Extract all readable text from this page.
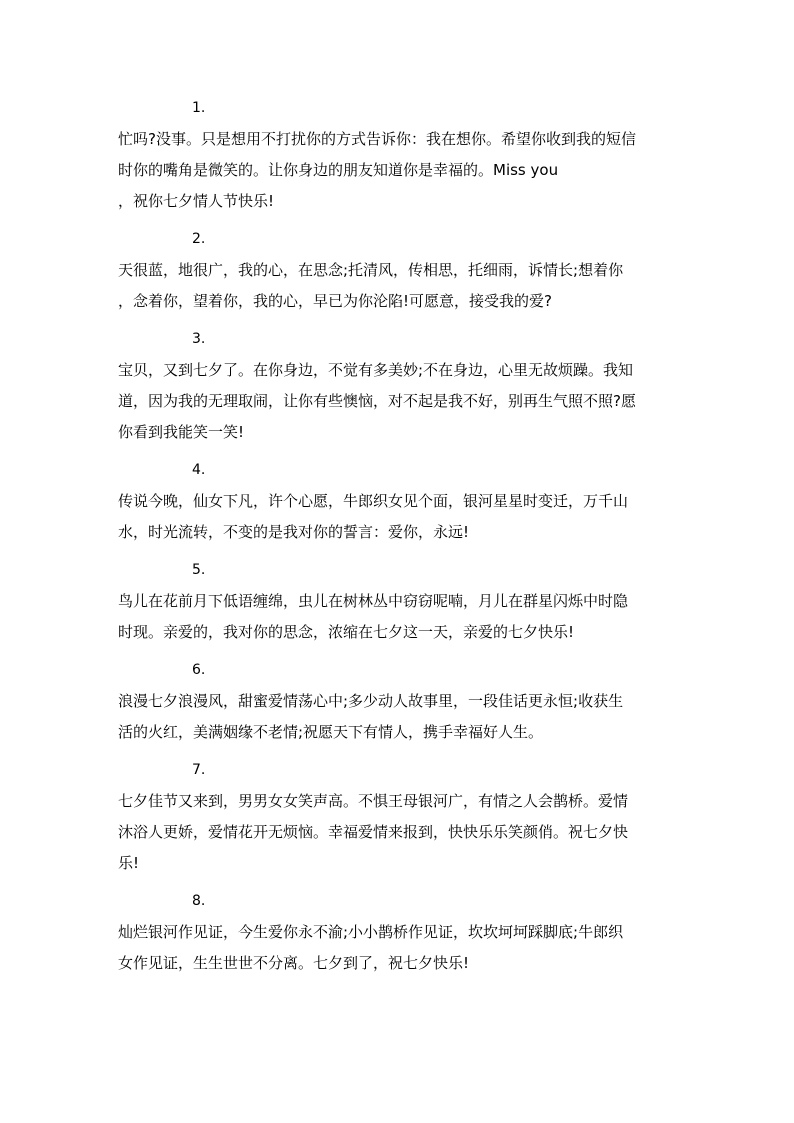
1.
忙吗?没事。只是想用不打扰你的方式告诉你：我在想你。希望你收到我的短信
时你的嘴角是微笑的。让你身边的朋友知道你是幸福的。Miss you
，祝你七夕情人节快乐!
2.
天很蓝，地很广，我的心，在思念;托清风，传相思，托细雨，诉情长;想着你
，念着你，望着你，我的心，早已为你沦陷!可愿意，接受我的爱?
3.
宝贝，又到七夕了。在你身边，不觉有多美妙;不在身边，心里无故烦躁。我知
道，因为我的无理取闹，让你有些懊恼，对不起是我不好，别再生气照不照?愿
你看到我能笑一笑!
4.
传说今晚，仙女下凡，许个心愿，牛郎织女见个面，银河星星时变迁，万千山
水，时光流转，不变的是我对你的誓言：爱你，永远!
5.
鸟儿在花前月下低语缠绵，虫儿在树林丛中窃窃呢喃，月儿在群星闪烁中时隐
时现。亲爱的，我对你的思念，浓缩在七夕这一天，亲爱的七夕快乐!
6.
浪漫七夕浪漫风，甜蜜爱情荡心中;多少动人故事里，一段佳话更永恒;收获生
活的火红，美满姻缘不老情;祝愿天下有情人，携手幸福好人生。
7.
七夕佳节又来到，男男女女笑声高。不惧王母银河广，有情之人会鹊桥。爱情
沐浴人更娇，爱情花开无烦恼。幸福爱情来报到，快快乐乐笑颜俏。祝七夕快
乐!
8.
灿烂银河作见证，今生爱你永不渝;小小鹊桥作见证，坎坎坷坷踩脚底;牛郎织
女作见证，生生世世不分离。七夕到了，祝七夕快乐!
